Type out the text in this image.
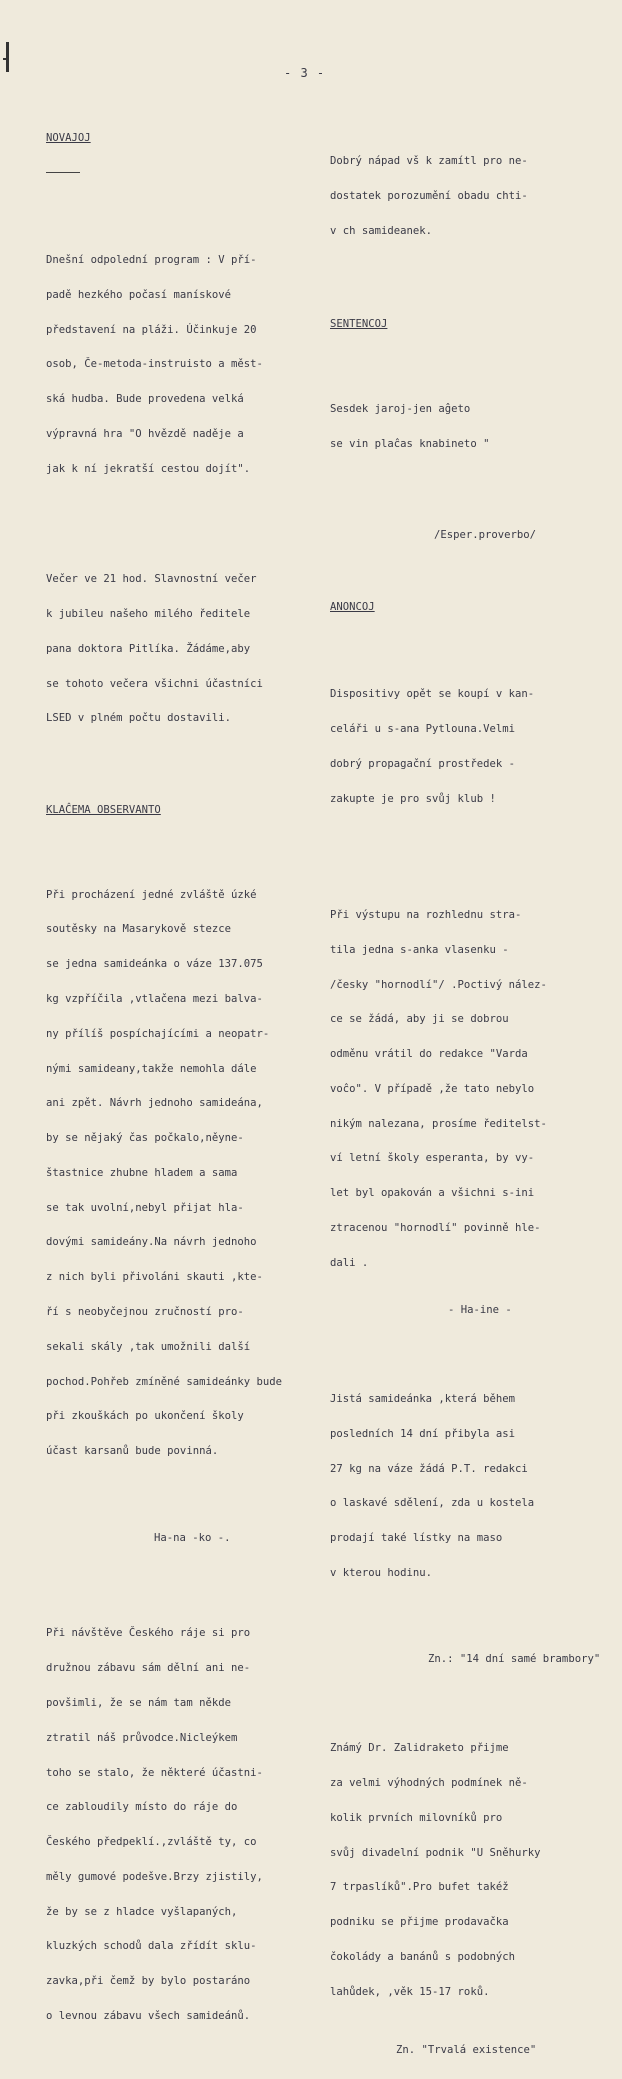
- 3 -

NOVAJOJ

Dnešní odpolední program : V pří-

padě hezkého počasí manískové

představení na pláži. Účinkuje 20

osob, Če-metoda-instruisto a měst-

ská hudba. Bude provedena velká

výpravná hra "O hvězdě naděje a

jak k ní jekratší cestou dojít".

Večer ve 21 hod. Slavnostní večer

k jubileu našeho milého ředitele

pana doktora Pitlíka. Žádáme,aby

se tohoto večera všichni účastníci

LSED v plném počtu dostavili.

KLAĈEMA OBSERVANTO

Při procházení jedné zvláště úzké

soutěsky na Masarykově stezce

se jedna samideánka o váze 137.075

kg vzpříčila ,vtlačena mezi balva-

ny přílíš pospíchajícími a neopatr-

nými samideany,takže nemohla dále

ani zpět. Návrh jednoho samideána,

by se nějaký čas počkalo,něyne-

štastnice zhubne hladem a sama

se tak uvolní,nebyl přijat hla-

dovými samideány.Na návrh jednoho

z nich byli přivoláni skauti ,kte-

ří s neobyčejnou zručností pro-

sekali skály ,tak umožnili další

pochod.Pohřeb zmíněné samideánky bude

při zkouškách po ukončení školy

účast karsanů bude povinná.

Ha-na -ko -.

Při návštěve Českého ráje si pro

družnou zábavu sám dělní ani ne-

povšimli, že se nám tam někde

ztratil náš průvodce.Nicleýkem

toho se stalo, že některé účastni-

ce zabloudily místo do ráje do

Českého předpeklí.,zvláště ty, co

měly gumové podešve.Brzy zjistily,

že by se z hladce vyšlapaných,

kluzkých schodů dala zřídít sklu-

zavka,při čemž by bylo postaráno

o levnou zábavu všech samideánů.

Dobrý nápad vš k zamítl pro ne-

dostatek porozumění obadu chti-

v ch samideanek.

SENTENCOJ

Sesdek jaroj-jen aĝeto

se vin plaĉas knabineto "

/Esper.proverbo/

ANONCOJ

Dispositivy opět se koupí v kan-

celáři u s-ana Pytlouna.Velmi

dobrý propagační prostředek -

zakupte je pro svůj klub !

Při výstupu na rozhlednu stra-

tila jedna s-anka vlasenku -

/česky "hornodlí"/ .Poctivý nález-

ce se žádá, aby ji se dobrou

odměnu vrátil do redakce "Varda

voĉo". V případě ,že tato nebylo

nikým nalezana, prosíme ředitelst-

ví letní školy esperanta, by vy-

let byl opakován a všichni s-ini

ztracenou "hornodlí" povinně hle-

dali .

- Ha-ine -

Jistá samideánka ,která během

posledních 14 dní přibyla asi

27 kg na váze žádá P.T. redakci

o laskavé sdělení, zda u kostela

prodají také lístky na maso

v kterou hodinu.

Zn.: "14 dní samé brambory"

Známý Dr. Zalidraketo přijme

za velmi výhodných podmínek ně-

kolik prvních milovníků pro

svůj divadelní podnik "U Sněhurky

7 trpaslíků".Pro bufet takéž

podniku se přijme prodavačka

čokolády a banánů s podobných

lahůdek, ,věk 15-17 roků.

Zn. "Trvalá existence"
